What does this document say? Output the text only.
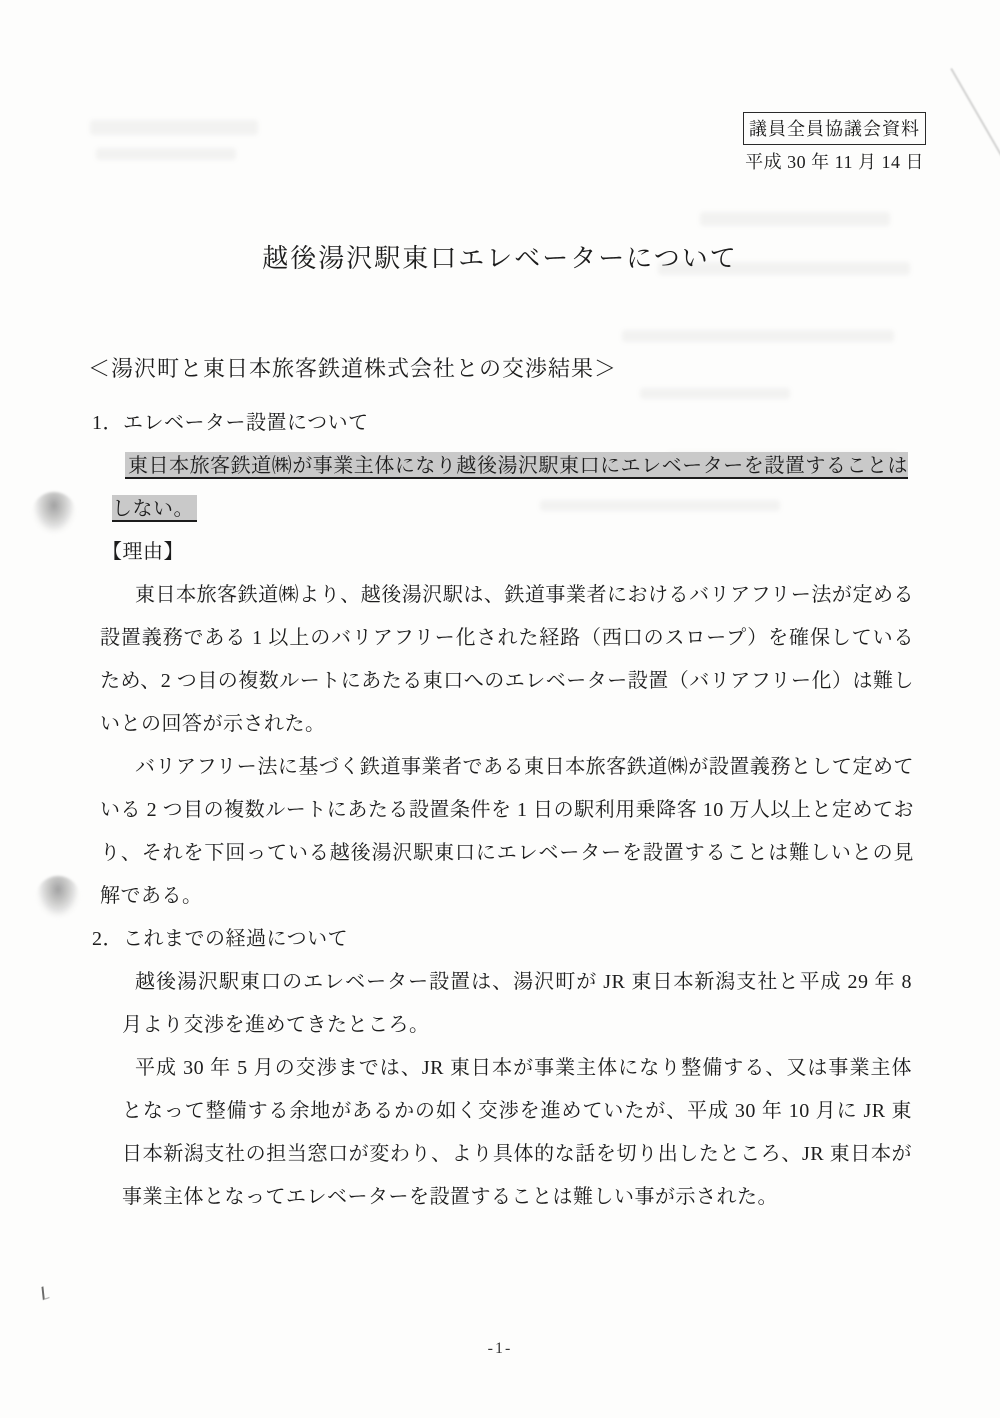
議員全員協議会資料
平成 30 年 11 月 14 日
越後湯沢駅東口エレベーターについて
＜湯沢町と東日本旅客鉄道株式会社との交渉結果＞
1．エレベーター設置について

東日本旅客鉄道㈱が事業主体になり越後湯沢駅東口にエレベーターを設置することはしない。

【理由】

東日本旅客鉄道㈱より、越後湯沢駅は、鉄道事業者におけるバリアフリー法が定める設置義務である 1 以上のバリアフリー化された経路（西口のスロープ）を確保しているため、2 つ目の複数ルートにあたる東口へのエレベーター設置（バリアフリー化）は難しいとの回答が示された。

バリアフリー法に基づく鉄道事業者である東日本旅客鉄道㈱が設置義務として定めている 2 つ目の複数ルートにあたる設置条件を 1 日の駅利用乗降客 10 万人以上と定めており、それを下回っている越後湯沢駅東口にエレベーターを設置することは難しいとの見解である。

2．これまでの経過について

越後湯沢駅東口のエレベーター設置は、湯沢町が JR 東日本新潟支社と平成 29 年 8 月より交渉を進めてきたところ。

平成 30 年 5 月の交渉までは、JR 東日本が事業主体になり整備する、又は事業主体となって整備する余地があるかの如く交渉を進めていたが、平成 30 年 10 月に JR 東日本新潟支社の担当窓口が変わり、より具体的な話を切り出したところ、JR 東日本が事業主体となってエレベーターを設置することは難しい事が示された。

-1-
